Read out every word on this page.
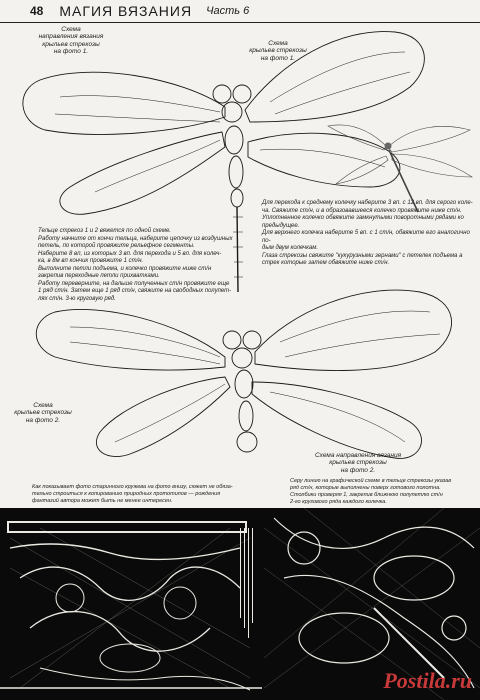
48 МАГИЯ ВЯЗАНИЯ Часть 6
Схема
направления вязания
крыльев стрекозы
на фото 1.
Схема
крыльев стрекозы
на фото 1.
Схема
крыльев стрекозы
на фото 2.
Схема направления вязания
крыльев стрекозы
на фото 2.
Тельце стрекоз 1 и 2 вяжется по одной схеме.
Работу начните от кончи тельца, наберите цепочку из воздушных
петель, по которой провяжите рельефное сегменты.
Наберите 8 вп, из которых 3 вп. для перехода и 5 вп. для колеч-
ка, в 8м вп кончик провяжите 1 ст/н.
Выполните петли подъема, и колечко провяжите ниже ст/н
закрепив переходные петли прихватками.
Работу переверните, на дальше полученных ст/н провяжите еще
1 ряд ст/н. Затем еще 1 ряд ст/н, свяжите на свободных полупет-
лях ст/н. 3-ю круговую ряд.
Для перехода к среднему колечку наберите 3 вп. с 12 вп. для серого коле-
ча. Свяжите ст/н, и в образовавшееся колечко провяжите ниже ст/н.
Уплотненное колечко обвяжите замкнутыми поворотными рядами ко
предыдущее.
Для верхнего колечка наберите 5 вп. с 1 ст/н, обвяжите его аналогично по-
дым двум колечкам.
Глаза стрекозы свяжите "кукурузными зернами" с петелек подъема а
стрек которые затем обвяжите ниже ст/н.
Серу линию на графической схеме в тельце стрекозы указав
ряд ст/н, которые выполнены поверх готового полотна.
Столбики проверяя 1, закрепив ближнюю полупетлю ст/н
2-го кругового ряда каждого колечка.
Как показывает фото старинного кружева на фото внизу, сюжет не обяза-
тельно строиться к копированию природных прототипов — рождения
фантазий автора может быть не менее интересен.
Postila.ru
